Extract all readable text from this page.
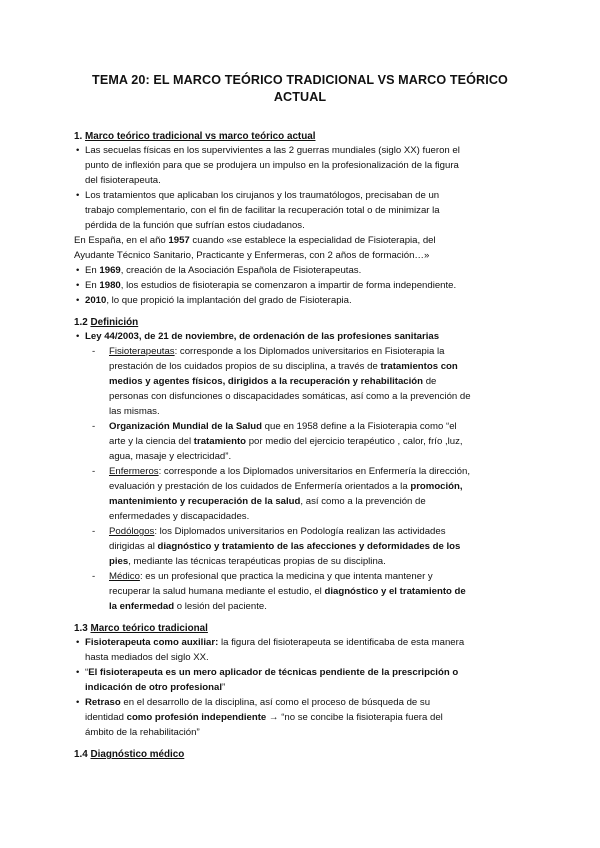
TEMA 20: EL MARCO TEÓRICO TRADICIONAL VS MARCO TEÓRICO
ACTUAL
1. Marco teórico tradicional vs marco teórico actual
• Las secuelas físicas en los supervivientes a las 2 guerras mundiales (siglo XX) fueron el
punto de inflexión para que se produjera un impulso en la profesionalización de la figura
del fisioterapeuta.
• Los tratamientos que aplicaban los cirujanos y los traumatólogos, precisaban de un
trabajo complementario, con el fin de facilitar la recuperación total o de minimizar la
pérdida de la función que sufrían estos ciudadanos.
En España, en el año 1957 cuando «se establece la especialidad de Fisioterapia, del
Ayudante Técnico Sanitario, Practicante y Enfermeras, con 2 años de formación…»
• En 1969, creación de la Asociación Española de Fisioterapeutas.
• En 1980, los estudios de fisioterapia se comenzaron a impartir de forma independiente.
• 2010, lo que propició la implantación del grado de Fisioterapia.
1.2 Definición
• Ley 44/2003, de 21 de noviembre, de ordenación de las profesiones sanitarias
- Fisioterapeutas: corresponde a los Diplomados universitarios en Fisioterapia la
prestación de los cuidados propios de su disciplina, a través de tratamientos con
medios y agentes físicos, dirigidos a la recuperación y rehabilitación de
personas con disfunciones o discapacidades somáticas, así como a la prevención de
las mismas.
- Organización Mundial de la Salud que en 1958 define a la Fisioterapia como “el
arte y la ciencia del tratamiento por medio del ejercicio terapéutico , calor, frío ,luz,
agua, masaje y electricidad”.
- Enfermeros: corresponde a los Diplomados universitarios en Enfermería la dirección,
evaluación y prestación de los cuidados de Enfermería orientados a la promoción,
mantenimiento y recuperación de la salud, así como a la prevención de
enfermedades y discapacidades.
- Podólogos: los Diplomados universitarios en Podología realizan las actividades
dirigidas al diagnóstico y tratamiento de las afecciones y deformidades de los
pies, mediante las técnicas terapéuticas propias de su disciplina.
- Médico: es un profesional que practica la medicina y que intenta mantener y
recuperar la salud humana mediante el estudio, el diagnóstico y el tratamiento de
la enfermedad o lesión del paciente.
1.3 Marco teórico tradicional
• Fisioterapeuta como auxiliar: la figura del fisioterapeuta se identificaba de esta manera
hasta mediados del siglo XX.
• “El fisioterapeuta es un mero aplicador de técnicas pendiente de la prescripción o
indicación de otro profesional”
• Retraso en el desarrollo de la disciplina, así como el proceso de búsqueda de su
identidad como profesión independiente → “no se concibe la fisioterapia fuera del
ámbito de la rehabilitación”
1.4 Diagnóstico médico
